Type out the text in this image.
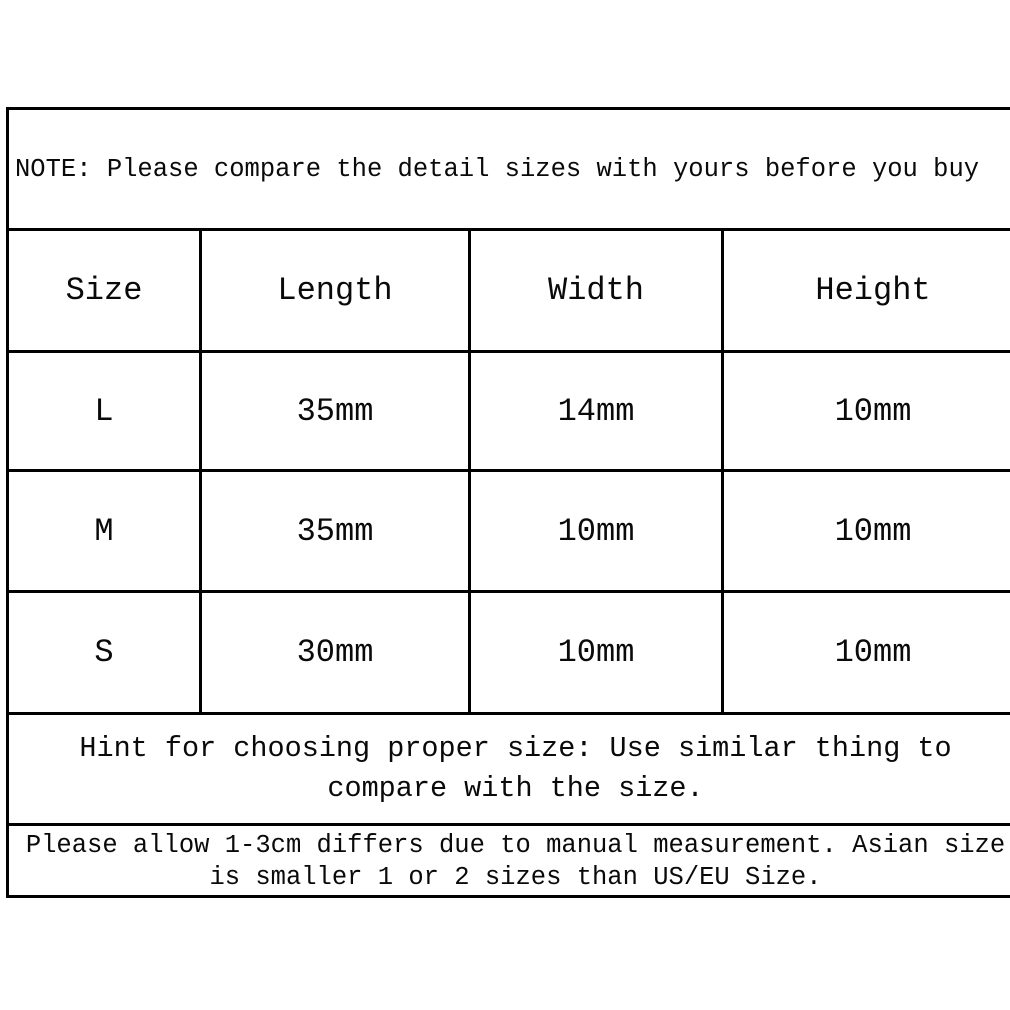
NOTE: Please compare the detail sizes with yours before you buy
Size	Length	Width	Height
L	35mm	14mm	10mm
M	35mm	10mm	10mm
S	30mm	10mm	10mm
Hint for choosing proper size: Use similar thing to
compare with the size.
Please allow 1-3cm differs due to manual measurement. Asian size
is smaller 1 or 2 sizes than US/EU Size.
